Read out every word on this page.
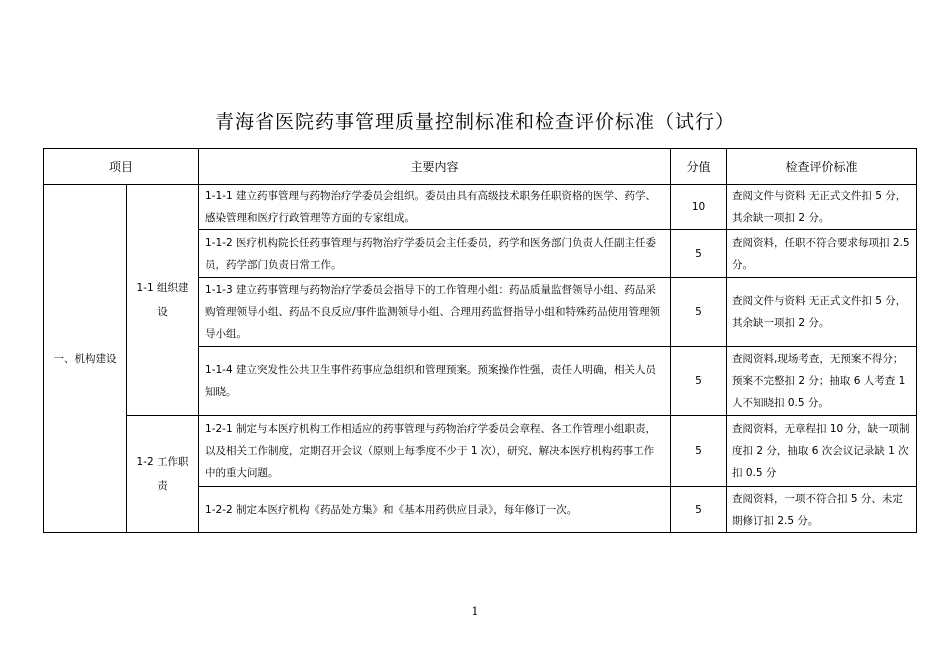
青海省医院药事管理质量控制标准和检查评价标准（试行）
项目		主要内容	分值	检查评价标准
一、机构建设	1-1 组织建设	1-1-1 建立药事管理与药物治疗学委员会组织。委员由具有高级技术职务任职资格的医学、药学、感染管理和医疗行政管理等方面的专家组成。	10	查阅文件与资料 无正式文件扣 5 分，其余缺一项扣 2 分。
		1-1-2 医疗机构院长任药事管理与药物治疗学委员会主任委员，药学和医务部门负责人任副主任委员，药学部门负责日常工作。	5	查阅资料，任职不符合要求每项扣 2.5 分。
		1-1-3 建立药事管理与药物治疗学委员会指导下的工作管理小组：药品质量监督领导小组、药品采购管理领导小组、药品不良反应/事件监测领导小组、合理用药监督指导小组和特殊药品使用管理领导小组。	5	查阅文件与资料 无正式文件扣 5 分，其余缺一项扣 2 分。
		1-1-4 建立突发性公共卫生事件药事应急组织和管理预案。预案操作性强，责任人明确，相关人员知晓。	5	查阅资料,现场考查，无预案不得分；预案不完整扣 2 分；抽取 6 人考查 1 人不知晓扣 0.5 分。
	1-2 工作职责	1-2-1 制定与本医疗机构工作相适应的药事管理与药物治疗学委员会章程、各工作管理小组职责，以及相关工作制度，定期召开会议（原则上每季度不少于 1 次），研究、解决本医疗机构药事工作中的重大问题。	5	查阅资料，无章程扣 10 分，缺一项制度扣 2 分，抽取 6 次会议记录缺 1 次扣 0.5 分
		1-2-2 制定本医疗机构《药品处方集》和《基本用药供应目录》，每年修订一次。	5	查阅资料，一项不符合扣 5 分、未定期修订扣 2.5 分。
1
